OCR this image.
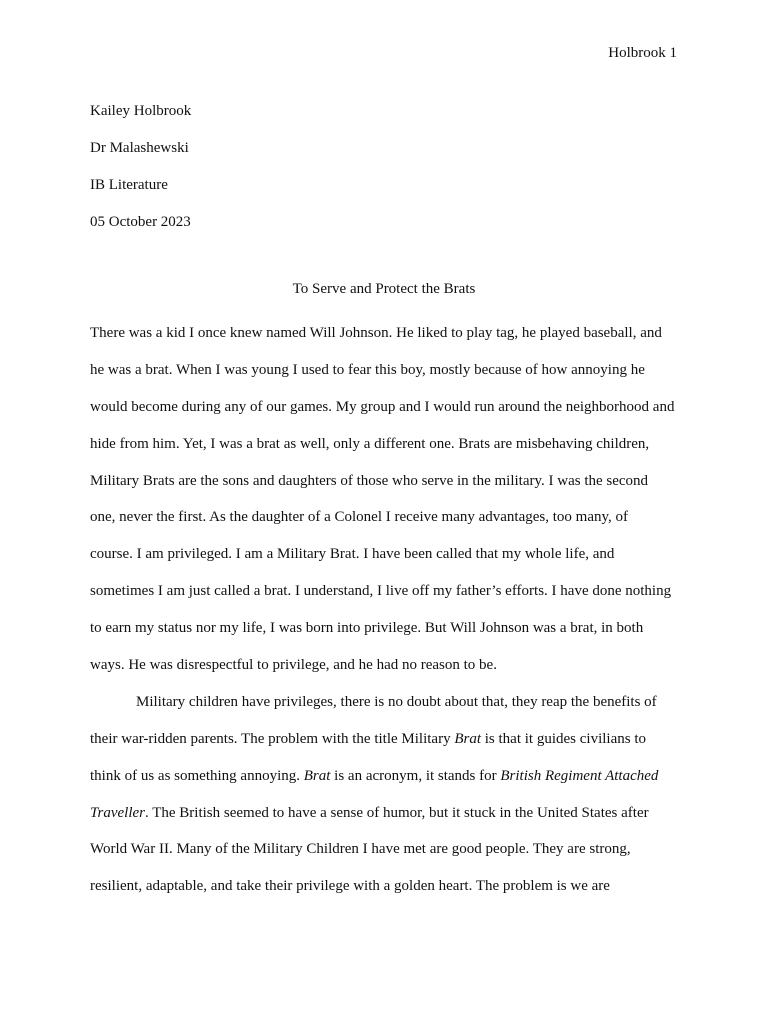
Holbrook 1
Kailey Holbrook
Dr Malashewski
IB Literature
05 October 2023
To Serve and Protect the Brats
There was a kid I once knew named Will Johnson. He liked to play tag, he played baseball, and
he was a brat. When I was young I used to fear this boy, mostly because of how annoying he
would become during any of our games. My group and I would run around the neighborhood and
hide from him. Yet, I was a brat as well, only a different one. Brats are misbehaving children,
Military Brats are the sons and daughters of those who serve in the military. I was the second
one, never the first. As the daughter of a Colonel I receive many advantages, too many, of
course. I am privileged. I am a Military Brat. I have been called that my whole life, and
sometimes I am just called a brat. I understand, I live off my father’s efforts. I have done nothing
to earn my status nor my life, I was born into privilege. But Will Johnson was a brat, in both
ways. He was disrespectful to privilege, and he had no reason to be.
Military children have privileges, there is no doubt about that, they reap the benefits of
their war-ridden parents. The problem with the title Military Brat is that it guides civilians to
think of us as something annoying. Brat is an acronym, it stands for British Regiment Attached
Traveller. The British seemed to have a sense of humor, but it stuck in the United States after
World War II. Many of the Military Children I have met are good people. They are strong,
resilient, adaptable, and take their privilege with a golden heart. The problem is we are
